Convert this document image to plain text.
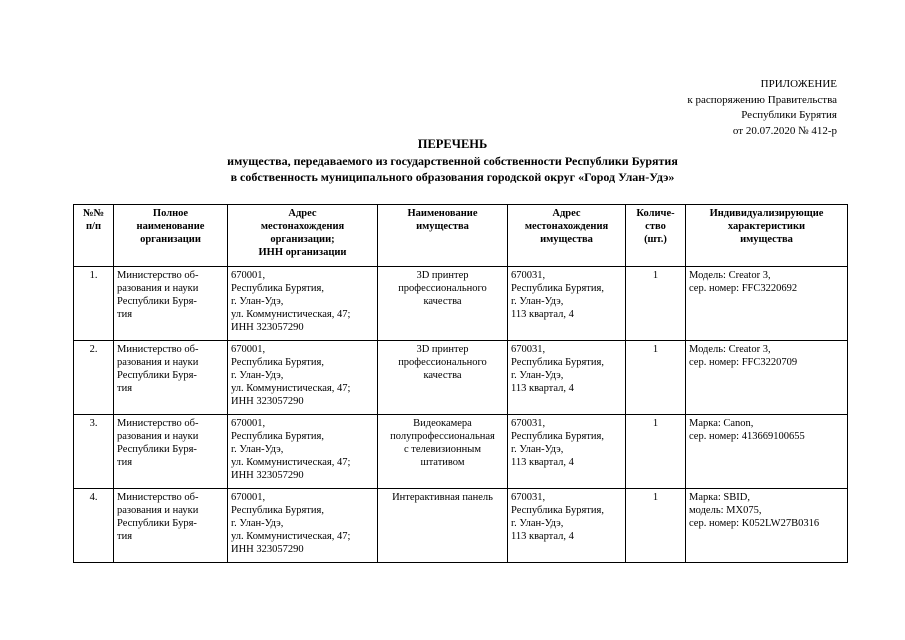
ПРИЛОЖЕНИЕ
к распоряжению Правительства
Республики Бурятия
от 20.07.2020 № 412-р
ПЕРЕЧЕНЬ
имущества, передаваемого из государственной собственности Республики Бурятия
в собственность муниципального образования городской округ «Город Улан-Удэ»
№№
п/п	Полное
наименование
организации	Адрес
местонахождения
организации;
ИНН организации	Наименование
имущества	Адрес
местонахождения
имущества	Количе-
ство
(шт.)	Индивидуализирующие
характеристики
имущества

1.	Министерство об-
разования и науки
Республики Буря-
тия	670001,
Республика Бурятия,
г. Улан-Удэ,
ул. Коммунистическая, 47;
ИНН 323057290	3D принтер
профессионального
качества	670031,
Республика Бурятия,
г. Улан-Удэ,
113 квартал, 4	1	Модель: Creator 3,
сер. номер: FFC3220692

2.	Министерство об-
разования и науки
Республики Буря-
тия	670001,
Республика Бурятия,
г. Улан-Удэ,
ул. Коммунистическая, 47;
ИНН 323057290	3D принтер
профессионального
качества	670031,
Республика Бурятия,
г. Улан-Удэ,
113 квартал, 4	1	Модель: Creator 3,
сер. номер: FFC3220709

3.	Министерство об-
разования и науки
Республики Буря-
тия	670001,
Республика Бурятия,
г. Улан-Удэ,
ул. Коммунистическая, 47;
ИНН 323057290	Видеокамера
полупрофессиональная
с телевизионным
штативом	670031,
Республика Бурятия,
г. Улан-Удэ,
113 квартал, 4	1	Марка: Canon,
сер. номер: 413669100655

4.	Министерство об-
разования и науки
Республики Буря-
тия	670001,
Республика Бурятия,
г. Улан-Удэ,
ул. Коммунистическая, 47;
ИНН 323057290	Интерактивная панель	670031,
Республика Бурятия,
г. Улан-Удэ,
113 квартал, 4	1	Марка: SBID,
модель: MX075,
сер. номер: K052LW27B0316
